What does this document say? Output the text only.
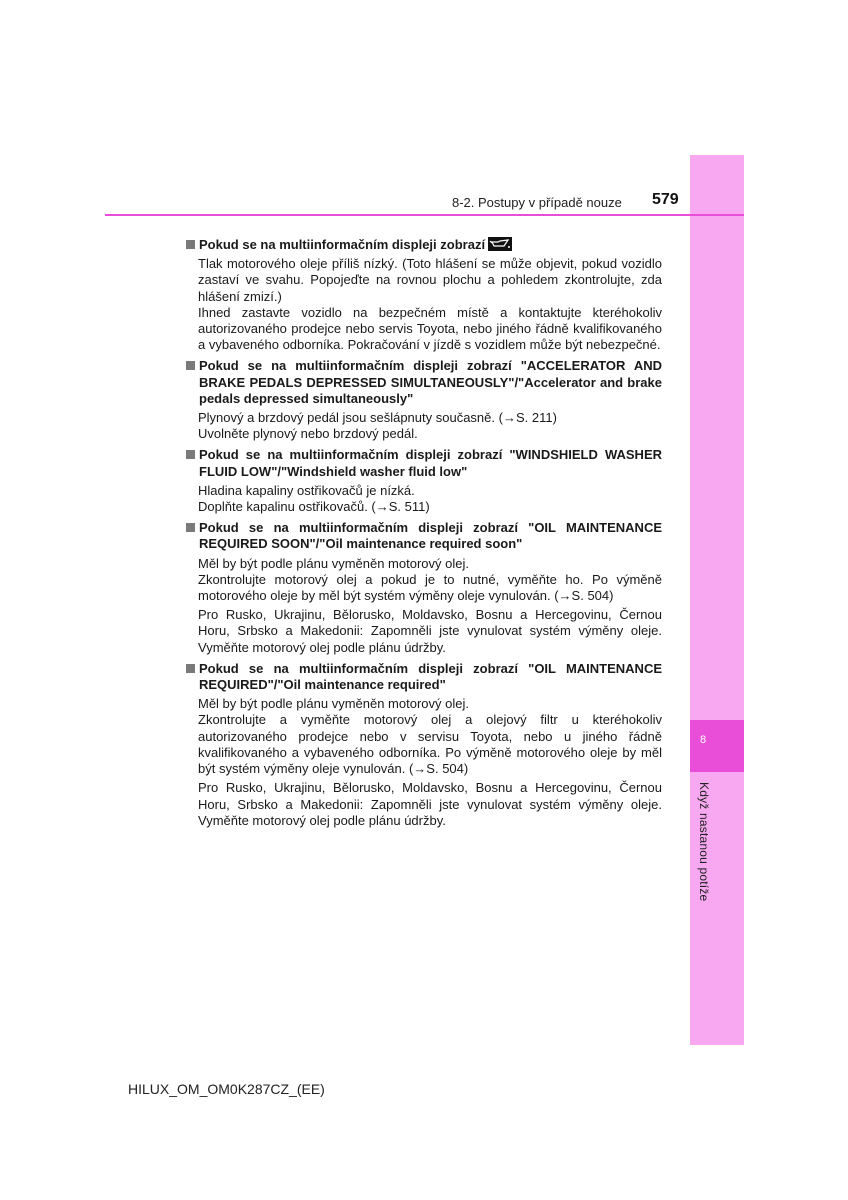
8
Když nastanou potíže
8-2. Postupy v případě nouze 579
Pokud se na multiinformačním displeji zobrazí
Tlak motorového oleje příliš nízký. (Toto hlášení se může objevit, pokud vozidlo zastaví ve svahu. Popojeďte na rovnou plochu a pohledem zkontrolujte, zda hlášení zmizí.)
Ihned zastavte vozidlo na bezpečném místě a kontaktujte kteréhokoliv autorizovaného prodejce nebo servis Toyota, nebo jiného řádně kvalifikovaného a vybaveného odborníka. Pokračování v jízdě s vozidlem může být nebezpečné.
Pokud se na multiinformačním displeji zobrazí "ACCELERATOR AND BRAKE PEDALS DEPRESSED SIMULTANEOUSLY"/"Accelerator and brake pedals depressed simultaneously"
Plynový a brzdový pedál jsou sešlápnuty současně. (→S. 211)
Uvolněte plynový nebo brzdový pedál.
Pokud se na multiinformačním displeji zobrazí "WINDSHIELD WASHER FLUID LOW"/"Windshield washer fluid low"
Hladina kapaliny ostřikovačů je nízká.
Doplňte kapalinu ostřikovačů. (→S. 511)
Pokud se na multiinformačním displeji zobrazí "OIL MAINTENANCE REQUIRED SOON"/"Oil maintenance required soon"
Měl by být podle plánu vyměněn motorový olej.
Zkontrolujte motorový olej a pokud je to nutné, vyměňte ho. Po výměně motorového oleje by měl být systém výměny oleje vynulován. (→S. 504)
Pro Rusko, Ukrajinu, Bělorusko, Moldavsko, Bosnu a Hercegovinu, Černou Horu, Srbsko a Makedonii: Zapomněli jste vynulovat systém výměny oleje. Vyměňte motorový olej podle plánu údržby.
Pokud se na multiinformačním displeji zobrazí "OIL MAINTENANCE REQUIRED"/"Oil maintenance required"
Měl by být podle plánu vyměněn motorový olej.
Zkontrolujte a vyměňte motorový olej a olejový filtr u kteréhokoliv autorizovaného prodejce nebo v servisu Toyota, nebo u jiného řádně kvalifikovaného a vybaveného odborníka. Po výměně motorového oleje by měl být systém výměny oleje vynulován. (→S. 504)
Pro Rusko, Ukrajinu, Bělorusko, Moldavsko, Bosnu a Hercegovinu, Černou Horu, Srbsko a Makedonii: Zapomněli jste vynulovat systém výměny oleje. Vyměňte motorový olej podle plánu údržby.
HILUX_OM_OM0K287CZ_(EE)
